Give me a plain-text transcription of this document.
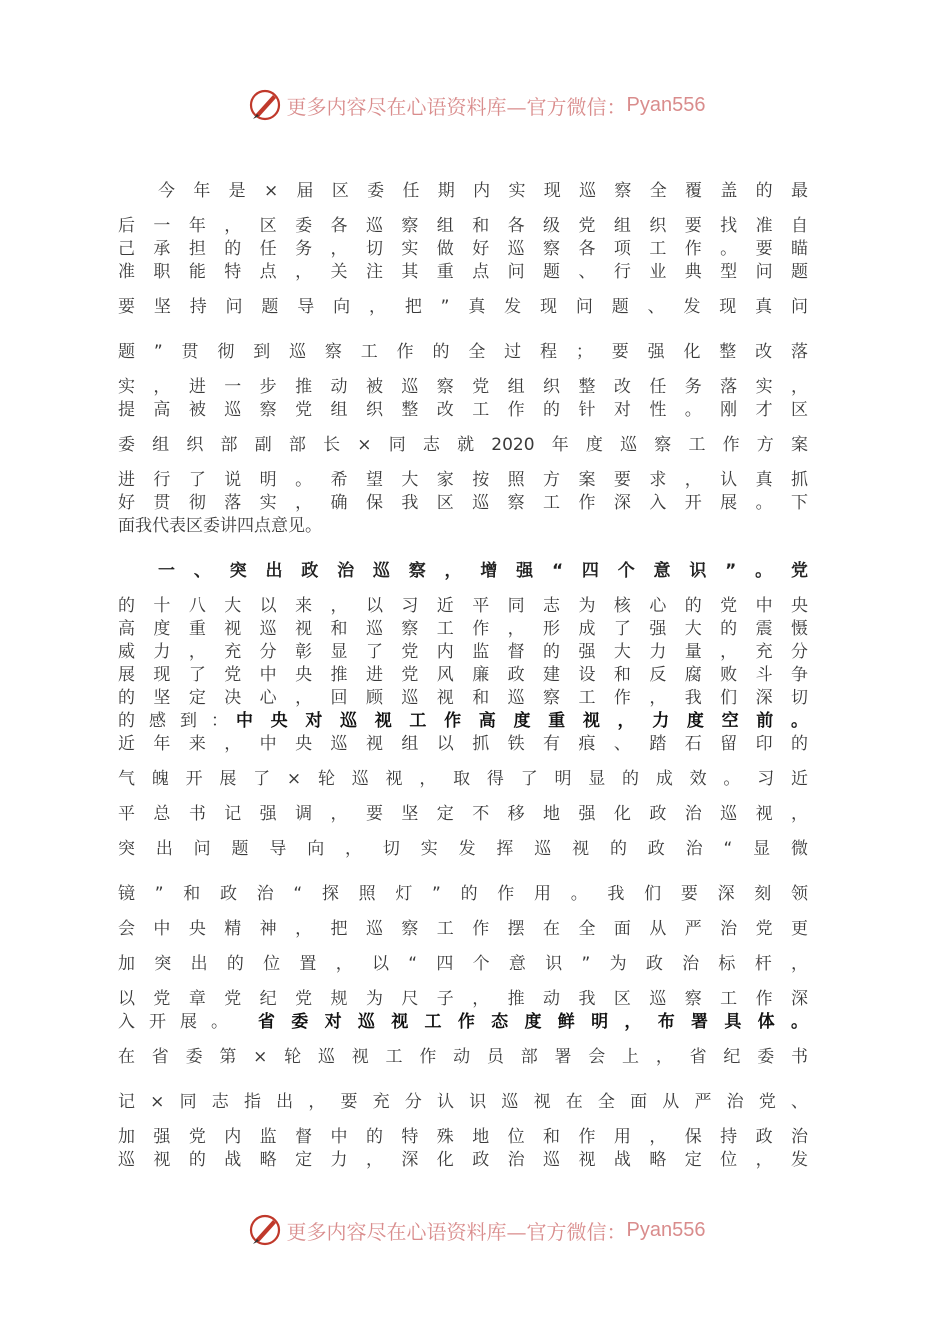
更多内容尽在心语资料库—官方微信： Pyan556
今年是×届区委任期内实现巡察全覆盖的最
后一年，区委各巡察组和各级党组织要找准自
己承担的任务，切实做好巡察各项工作。要瞄
准职能特点，关注其重点问题、行业典型问题
要坚持问题导向，把”真发现问题、发现真问
题”贯彻到巡察工作的全过程；要强化整改落
实，进一步推动被巡察党组织整改任务落实，
提高被巡察党组织整改工作的针对性。刚才区
委组织部副部长×同志就2020年度巡察工作方案
进行了说明。希望大家按照方案要求，认真抓
好贯彻落实，确保我区巡察工作深入开展。下
面我代表区委讲四点意见。
一、突出政治巡察，增强“四个意识”。党
的十八大以来，以习近平同志为核心的党中央
高度重视巡视和巡察工作，形成了强大的震慑
威力，充分彰显了党内监督的强大力量，充分
展现了党中央推进党风廉政建设和反腐败斗争
的坚定决心，回顾巡视和巡察工作，我们深切
的感到： 中央对巡视工作高度重视，力度空前。
近年来，中央巡视组以抓铁有痕、踏石留印的
气魄开展了×轮巡视，取得了明显的成效。习近
平总书记强调，要坚定不移地强化政治巡视，
突出问题导向，切实发挥巡视的政治“显微
镜”和政治“探照灯”的作用。我们要深刻领
会中央精神，把巡察工作摆在全面从严治党更
加突出的位置，以“四个意识”为政治标杆，
以党章党纪党规为尺子，推动我区巡察工作深
入开展。 省委对巡视工作态度鲜明，布署具体。
在省委第×轮巡视工作动员部署会上，省纪委书
记×同志指出，要充分认识巡视在全面从严治党、
加强党内监督中的特殊地位和作用，保持政治
巡视的战略定力，深化政治巡视战略定位，发
更多内容尽在心语资料库—官方微信： Pyan556
